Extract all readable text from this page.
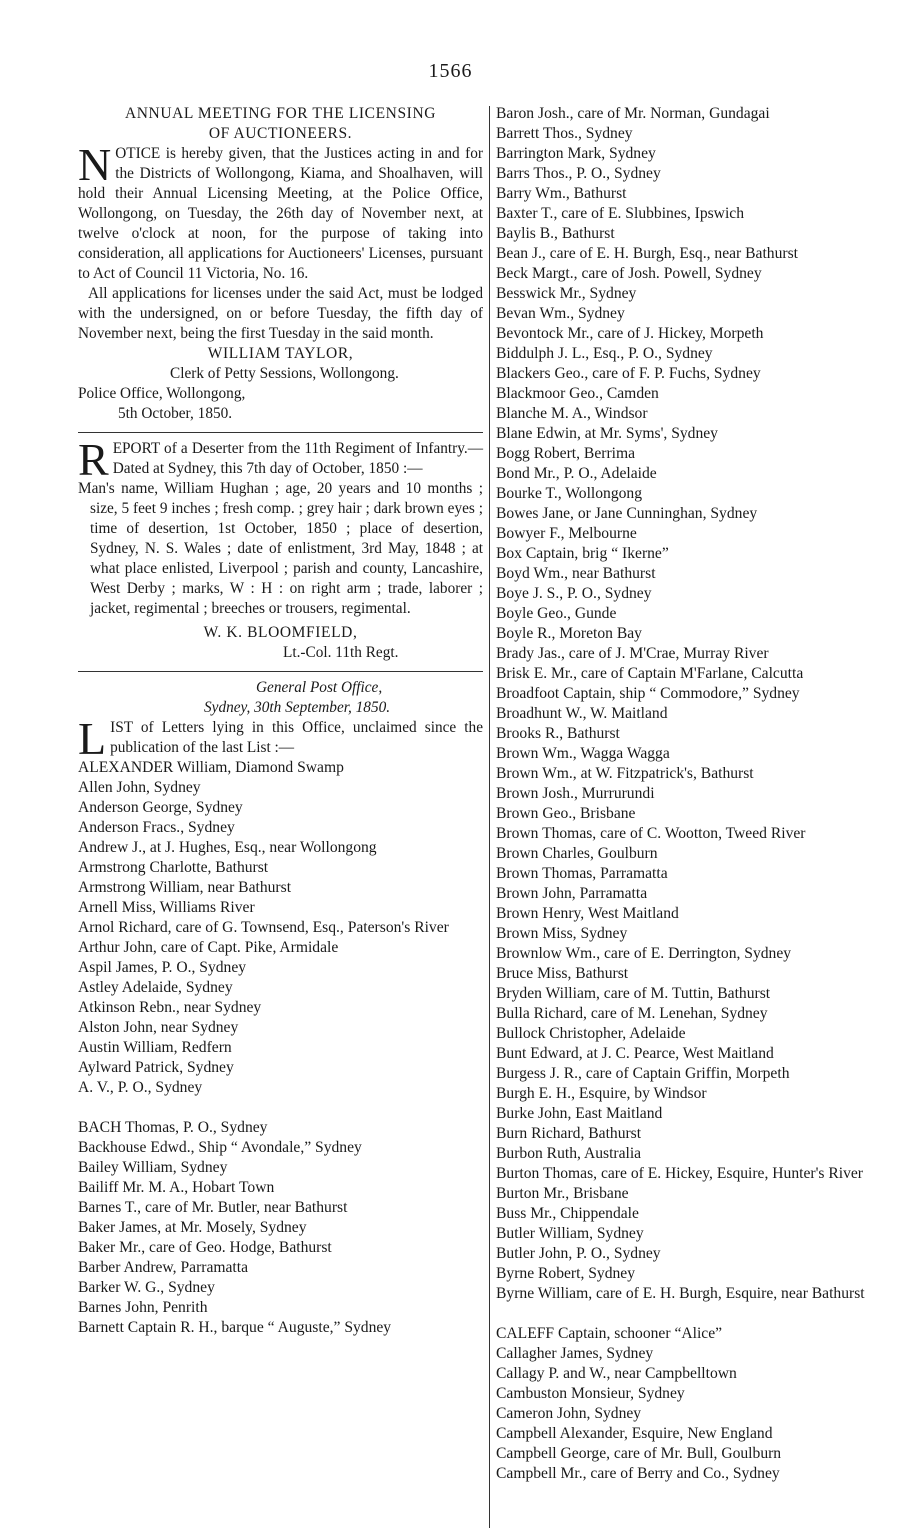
1566
ANNUAL MEETING FOR THE LICENSING
OF AUCTIONEERS.
N OTICE is hereby given, that the Justices acting in and for the Districts of Wollongong, Kiama, and Shoalhaven, will hold their Annual Licensing Meeting, at the Police Office, Wollongong, on Tuesday, the 26th day of November next, at twelve o'clock at noon, for the purpose of taking into consideration, all applications for Auctioneers' Licenses, pursuant to Act of Council 11 Victoria, No. 16.

All applications for licenses under the said Act, must be lodged with the undersigned, on or before Tuesday, the fifth day of November next, being the first Tuesday in the said month.

WILLIAM TAYLOR,
Clerk of Petty Sessions, Wollongong.
Police Office, Wollongong,
5th October, 1850.
R EPORT of a Deserter from the 11th Regiment of Infantry.—Dated at Sydney, this 7th day of October, 1850 :—

Man's name, William Hughan ; age, 20 years and 10 months ; size, 5 feet 9 inches ; fresh comp. ; grey hair ; dark brown eyes ; time of desertion, 1st October, 1850 ; place of desertion, Sydney, N. S. Wales ; date of enlistment, 3rd May, 1848 ; at what place enlisted, Liverpool ; parish and county, Lancashire, West Derby ; marks, W : H : on right arm ; trade, laborer ; jacket, regimental ; breeches or trousers, regimental.

W. K. BLOOMFIELD,
Lt.-Col. 11th Regt.
General Post Office,
Sydney, 30th September, 1850.
L IST of Letters lying in this Office, unclaimed since the publication of the last List :—

ALEXANDER William, Diamond Swamp
Allen John, Sydney
Anderson George, Sydney
Anderson Fracs., Sydney
Andrew J., at J. Hughes, Esq., near Wollongong
Armstrong Charlotte, Bathurst
Armstrong William, near Bathurst
Arnell Miss, Williams River
Arnol Richard, care of G. Townsend, Esq., Paterson's River
Arthur John, care of Capt. Pike, Armidale
Aspil James, P. O., Sydney
Astley Adelaide, Sydney
Atkinson Rebn., near Sydney
Alston John, near Sydney
Austin William, Redfern
Aylward Patrick, Sydney
A. V., P. O., Sydney
BACH Thomas, P. O., Sydney
Backhouse Edwd., Ship “ Avondale,” Sydney
Bailey William, Sydney
Bailiff Mr. M. A., Hobart Town
Barnes T., care of Mr. Butler, near Bathurst
Baker James, at Mr. Mosely, Sydney
Baker Mr., care of Geo. Hodge, Bathurst
Barber Andrew, Parramatta
Barker W. G., Sydney
Barnes John, Penrith
Barnett Captain R. H., barque “ Auguste,” Sydney
Baron Josh., care of Mr. Norman, Gundagai
Barrett Thos., Sydney
Barrington Mark, Sydney
Barrs Thos., P. O., Sydney
Barry Wm., Bathurst
Baxter T., care of E. Slubbines, Ipswich
Baylis B., Bathurst
Bean J., care of E. H. Burgh, Esq., near Bathurst
Beck Margt., care of Josh. Powell, Sydney
Besswick Mr., Sydney
Bevan Wm., Sydney
Bevontock Mr., care of J. Hickey, Morpeth
Biddulph J. L., Esq., P. O., Sydney
Blackers Geo., care of F. P. Fuchs, Sydney
Blackmoor Geo., Camden
Blanche M. A., Windsor
Blane Edwin, at Mr. Syms', Sydney
Bogg Robert, Berrima
Bond Mr., P. O., Adelaide
Bourke T., Wollongong
Bowes Jane, or Jane Cunninghan, Sydney
Bowyer F., Melbourne
Box Captain, brig “ Ikerne”
Boyd Wm., near Bathurst
Boye J. S., P. O., Sydney
Boyle Geo., Gunde
Boyle R., Moreton Bay
Brady Jas., care of J. M'Crae, Murray River
Brisk E. Mr., care of Captain M'Farlane, Calcutta
Broadfoot Captain, ship “ Commodore,” Sydney
Broadhunt W., W. Maitland
Brooks R., Bathurst
Brown Wm., Wagga Wagga
Brown Wm., at W. Fitzpatrick's, Bathurst
Brown Josh., Murrurundi
Brown Geo., Brisbane
Brown Thomas, care of C. Wootton, Tweed River
Brown Charles, Goulburn
Brown Thomas, Parramatta
Brown John, Parramatta
Brown Henry, West Maitland
Brown Miss, Sydney
Brownlow Wm., care of E. Derrington, Sydney
Bruce Miss, Bathurst
Bryden William, care of M. Tuttin, Bathurst
Bulla Richard, care of M. Lenehan, Sydney
Bullock Christopher, Adelaide
Bunt Edward, at J. C. Pearce, West Maitland
Burgess J. R., care of Captain Griffin, Morpeth
Burgh E. H., Esquire, by Windsor
Burke John, East Maitland
Burn Richard, Bathurst
Burbon Ruth, Australia
Burton Thomas, care of E. Hickey, Esquire, Hunter's River
Burton Mr., Brisbane
Buss Mr., Chippendale
Butler William, Sydney
Butler John, P. O., Sydney
Byrne Robert, Sydney
Byrne William, care of E. H. Burgh, Esquire, near Bathurst
CALEFF Captain, schooner “Alice”
Callagher James, Sydney
Callagy P. and W., near Campbelltown
Cambuston Monsieur, Sydney
Cameron John, Sydney
Campbell Alexander, Esquire, New England
Campbell George, care of Mr. Bull, Goulburn
Campbell Mr., care of Berry and Co., Sydney
